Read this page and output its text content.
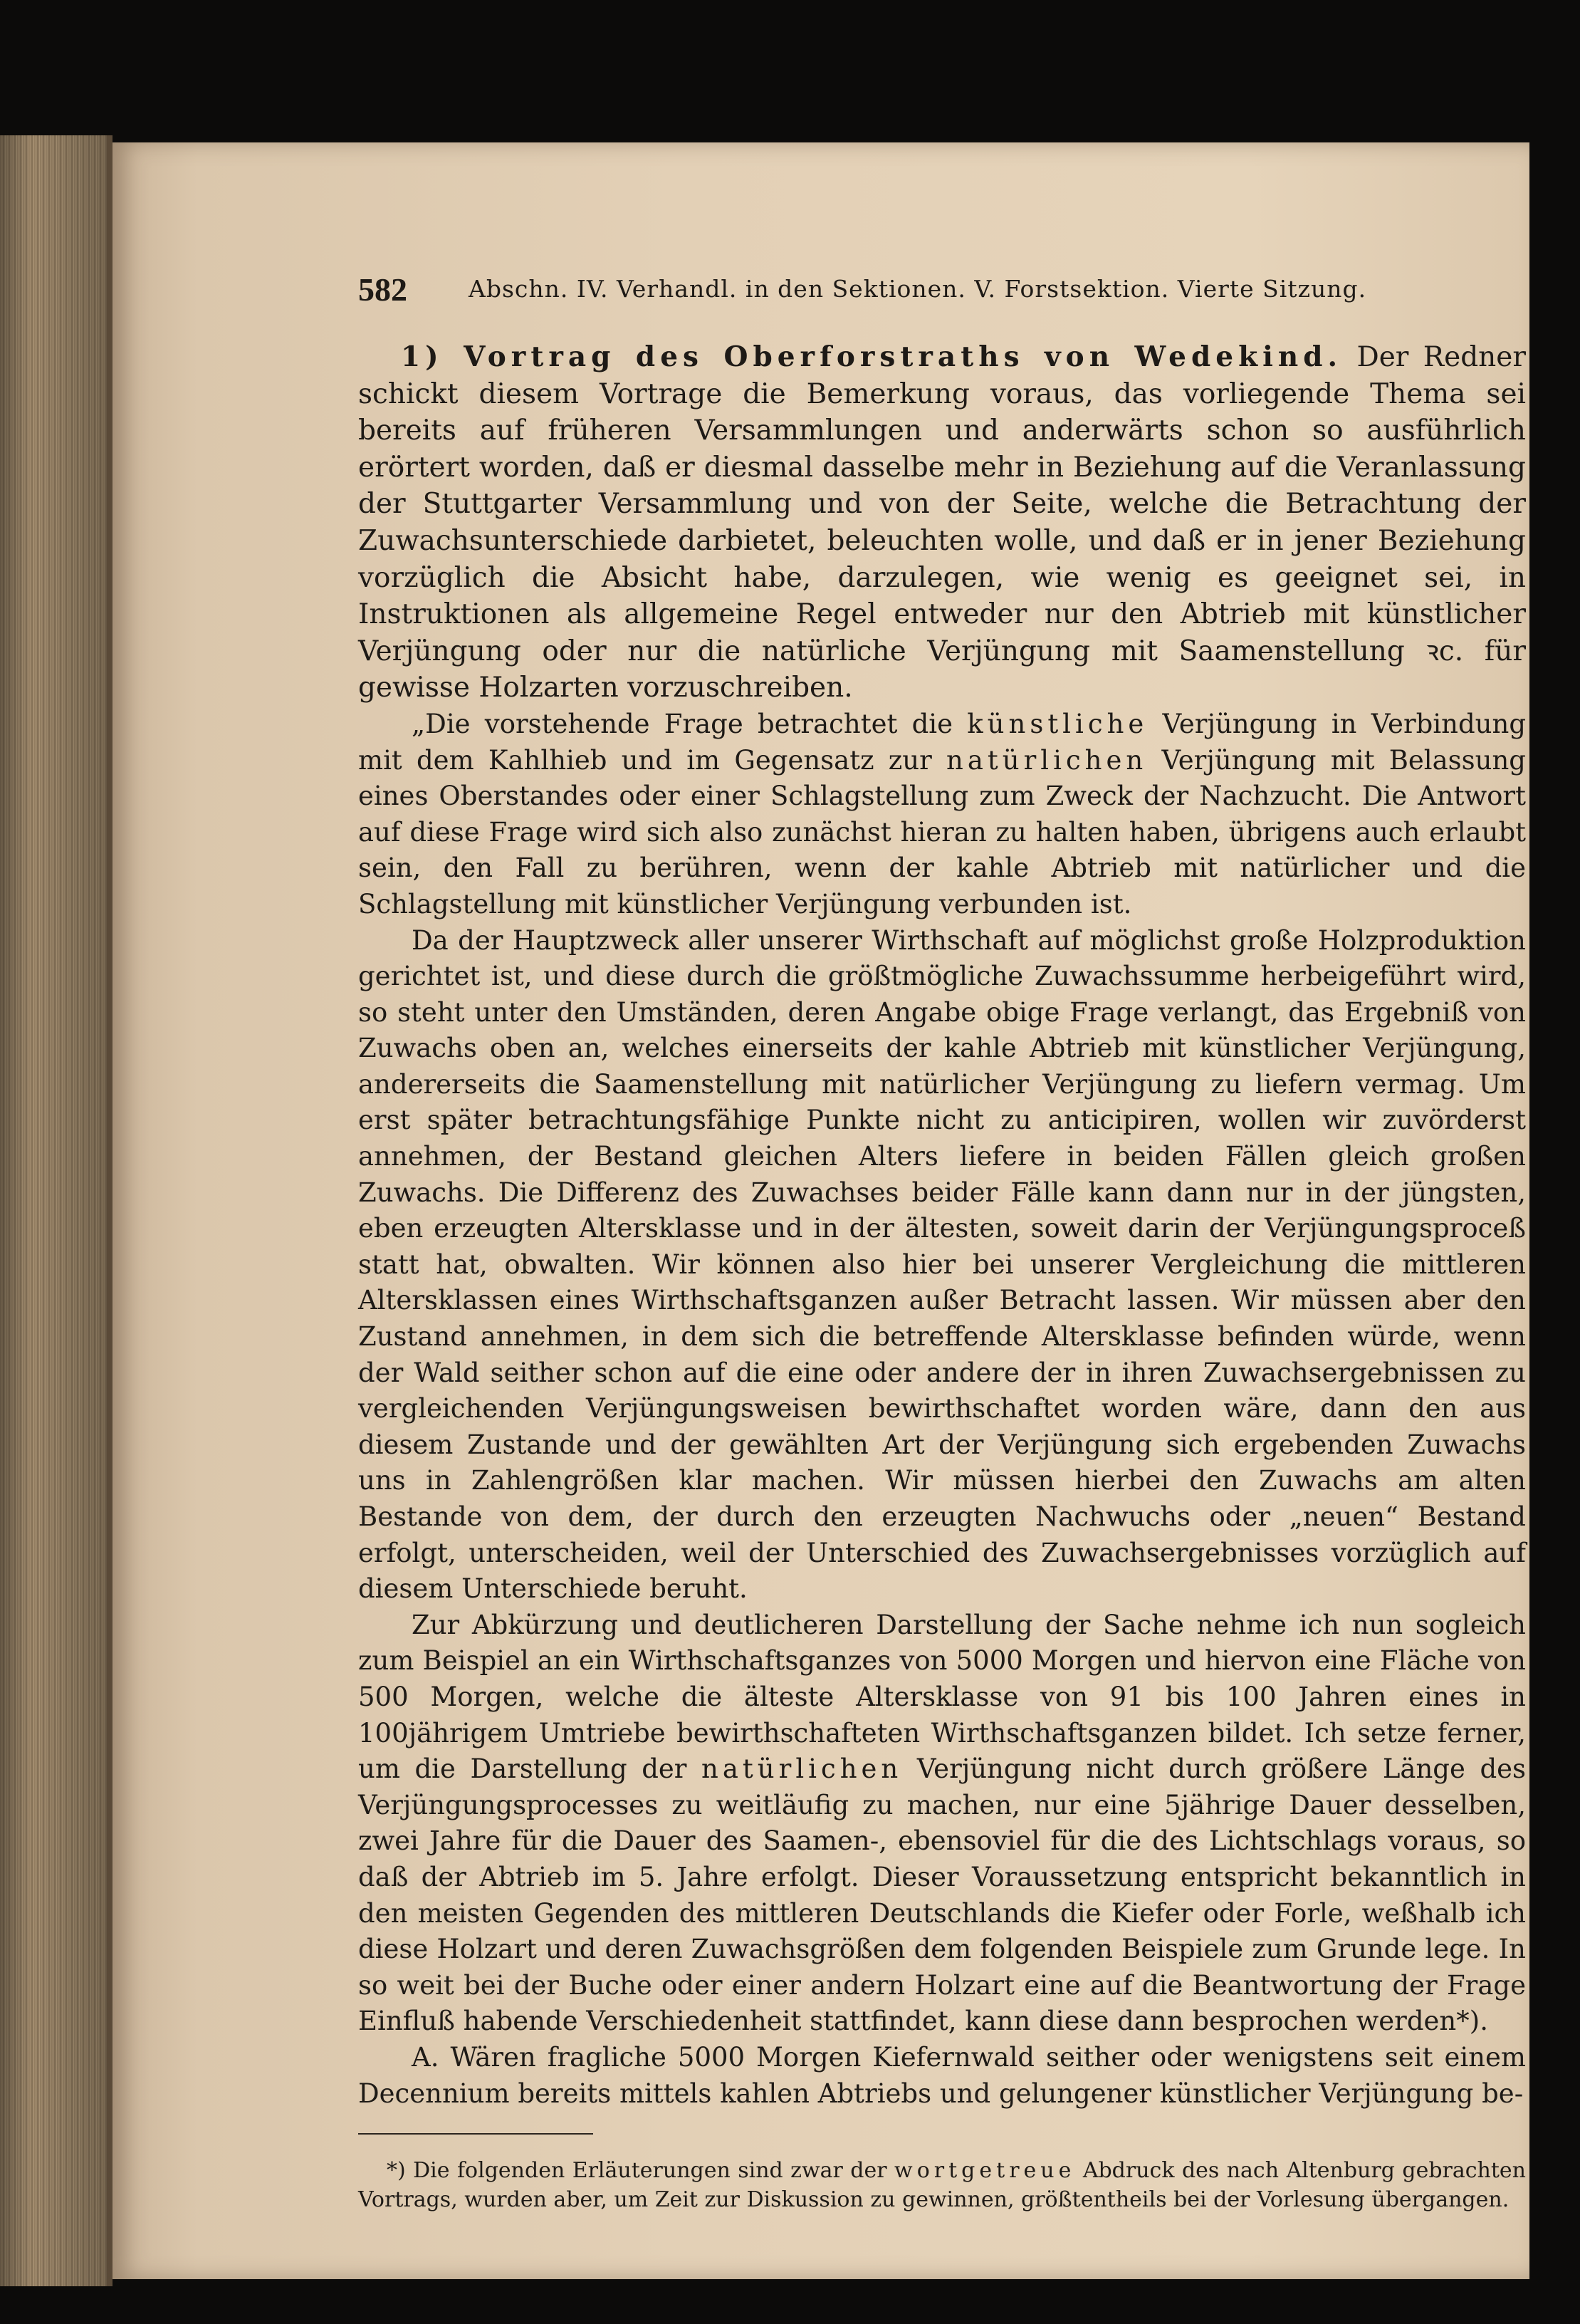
582	Abschn. IV. Verhandl. in den Sektionen. V. Forstsektion. Vierte Sitzung.

1) Vortrag des Oberforstraths von Wedekind. Der Redner schickt diesem Vortrage die Bemerkung voraus, das vorliegende Thema sei bereits auf früheren Versammlungen und anderwärts schon so ausführlich erörtert worden, daß er diesmal dasselbe mehr in Beziehung auf die Veranlassung der Stuttgarter Versammlung und von der Seite, welche die Betrachtung der Zuwachsunterschiede darbietet, beleuchten wolle, und daß er in jener Beziehung vorzüglich die Absicht habe, darzulegen, wie wenig es geeignet sei, in Instruktionen als allgemeine Regel entweder nur den Abtrieb mit künstlicher Verjüngung oder nur die natürliche Verjüngung mit Saamenstellung ꝛc. für gewisse Holzarten vorzuschreiben.

„Die vorstehende Frage betrachtet die künstliche Verjüngung in Verbindung mit dem Kahlhieb und im Gegensatz zur natürlichen Verjüngung mit Belassung eines Oberstandes oder einer Schlagstellung zum Zweck der Nachzucht. Die Antwort auf diese Frage wird sich also zunächst hieran zu halten haben, übrigens auch erlaubt sein, den Fall zu berühren, wenn der kahle Abtrieb mit natürlicher und die Schlagstellung mit künstlicher Verjüngung verbunden ist.

Da der Hauptzweck aller unserer Wirthschaft auf möglichst große Holzproduktion gerichtet ist, und diese durch die größtmögliche Zuwachssumme herbeigeführt wird, so steht unter den Umständen, deren Angabe obige Frage verlangt, das Ergebniß von Zuwachs oben an, welches einerseits der kahle Abtrieb mit künstlicher Verjüngung, andererseits die Saamenstellung mit natürlicher Verjüngung zu liefern vermag. Um erst später betrachtungsfähige Punkte nicht zu anticipiren, wollen wir zuvörderst annehmen, der Bestand gleichen Alters liefere in beiden Fällen gleich großen Zuwachs. Die Differenz des Zuwachses beider Fälle kann dann nur in der jüngsten, eben erzeugten Altersklasse und in der ältesten, soweit darin der Verjüngungsproceß statt hat, obwalten. Wir können also hier bei unserer Vergleichung die mittleren Altersklassen eines Wirthschaftsganzen außer Betracht lassen. Wir müssen aber den Zustand annehmen, in dem sich die betreffende Altersklasse befinden würde, wenn der Wald seither schon auf die eine oder andere der in ihren Zuwachsergebnissen zu vergleichenden Verjüngungsweisen bewirthschaftet worden wäre, dann den aus diesem Zustande und der gewählten Art der Verjüngung sich ergebenden Zuwachs uns in Zahlengrößen klar machen. Wir müssen hierbei den Zuwachs am alten Bestande von dem, der durch den erzeugten Nachwuchs oder „neuen“ Bestand erfolgt, unterscheiden, weil der Unterschied des Zuwachsergebnisses vorzüglich auf diesem Unterschiede beruht.

Zur Abkürzung und deutlicheren Darstellung der Sache nehme ich nun sogleich zum Beispiel an ein Wirthschaftsganzes von 5000 Morgen und hiervon eine Fläche von 500 Morgen, welche die älteste Altersklasse von 91 bis 100 Jahren eines in 100jährigem Umtriebe bewirthschafteten Wirthschaftsganzen bildet. Ich setze ferner, um die Darstellung der natürlichen Verjüngung nicht durch größere Länge des Verjüngungsprocesses zu weitläufig zu machen, nur eine 5jährige Dauer desselben, zwei Jahre für die Dauer des Saamen-, ebensoviel für die des Lichtschlags voraus, so daß der Abtrieb im 5. Jahre erfolgt. Dieser Voraussetzung entspricht bekanntlich in den meisten Gegenden des mittleren Deutschlands die Kiefer oder Forle, weßhalb ich diese Holzart und deren Zuwachsgrößen dem folgenden Beispiele zum Grunde lege. In so weit bei der Buche oder einer andern Holzart eine auf die Beantwortung der Frage Einfluß habende Verschiedenheit stattfindet, kann diese dann besprochen werden*).

A. Wären fragliche 5000 Morgen Kiefernwald seither oder wenigstens seit einem Decennium bereits mittels kahlen Abtriebs und gelungener künstlicher Verjüngung be-

*) Die folgenden Erläuterungen sind zwar der wortgetreue Abdruck des nach Altenburg gebrachten Vortrags, wurden aber, um Zeit zur Diskussion zu gewinnen, größtentheils bei der Vorlesung übergangen.
